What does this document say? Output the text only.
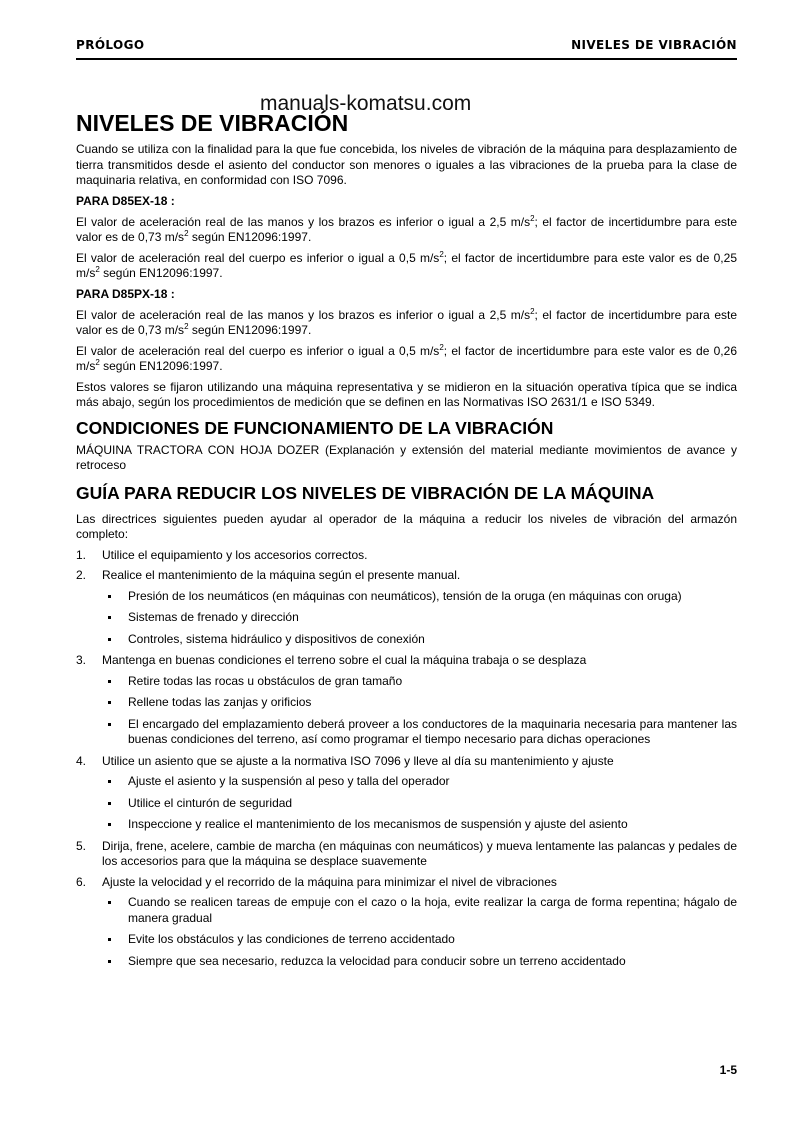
PRÓLOGO	NIVELES DE VIBRACIÓN
manuals-komatsu.com
NIVELES DE VIBRACIÓN

Cuando se utiliza con la finalidad para la que fue concebida, los niveles de vibración de la máquina para desplazamiento de tierra transmitidos desde el asiento del conductor son menores o iguales a las vibraciones de la prueba para la clase de maquinaria relativa, en conformidad con ISO 7096.

PARA D85EX-18 :

El valor de aceleración real de las manos y los brazos es inferior o igual a 2,5 $m/s^2$; el factor de incertidumbre para este valor es de 0,73 $m/s^2$ según EN12096:1997.

El valor de aceleración real del cuerpo es inferior o igual a 0,5 $m/s^2$; el factor de incertidumbre para este valor es de 0,25 $m/s^2$ según EN12096:1997.

PARA D85PX-18 :

El valor de aceleración real de las manos y los brazos es inferior o igual a 2,5 $m/s^2$; el factor de incertidumbre para este valor es de 0,73 $m/s^2$ según EN12096:1997.

El valor de aceleración real del cuerpo es inferior o igual a 0,5 $m/s^2$; el factor de incertidumbre para este valor es de 0,26 $m/s^2$ según EN12096:1997.

Estos valores se fijaron utilizando una máquina representativa y se midieron en la situación operativa típica que se indica más abajo, según los procedimientos de medición que se definen en las Normativas ISO 2631/1 e ISO 5349.

CONDICIONES DE FUNCIONAMIENTO DE LA VIBRACIÓN

MÁQUINA TRACTORA CON HOJA DOZER (Explanación y extensión del material mediante movimientos de avance y retroceso

GUÍA PARA REDUCIR LOS NIVELES DE VIBRACIÓN DE LA MÁQUINA

Las directrices siguientes pueden ayudar al operador de la máquina a reducir los niveles de vibración del armazón completo:

1. Utilice el equipamiento y los accesorios correctos.
2. Realice el mantenimiento de la máquina según el presente manual.
Presión de los neumáticos (en máquinas con neumáticos), tensión de la oruga (en máquinas con oruga)
Sistemas de frenado y dirección
Controles, sistema hidráulico y dispositivos de conexión
3. Mantenga en buenas condiciones el terreno sobre el cual la máquina trabaja o se desplaza
Retire todas las rocas u obstáculos de gran tamaño
Rellene todas las zanjas y orificios
El encargado del emplazamiento deberá proveer a los conductores de la maquinaria necesaria para mantener las buenas condiciones del terreno, así como programar el tiempo necesario para dichas operaciones
4. Utilice un asiento que se ajuste a la normativa ISO 7096 y lleve al día su mantenimiento y ajuste
Ajuste el asiento y la suspensión al peso y talla del operador
Utilice el cinturón de seguridad
Inspeccione y realice el mantenimiento de los mecanismos de suspensión y ajuste del asiento
5. Dirija, frene, acelere, cambie de marcha (en máquinas con neumáticos) y mueva lentamente las palancas y pedales de los accesorios para que la máquina se desplace suavemente
6. Ajuste la velocidad y el recorrido de la máquina para minimizar el nivel de vibraciones
Cuando se realicen tareas de empuje con el cazo o la hoja, evite realizar la carga de forma repentina; hágalo de manera gradual
Evite los obstáculos y las condiciones de terreno accidentado
Siempre que sea necesario, reduzca la velocidad para conducir sobre un terreno accidentado
1-5
